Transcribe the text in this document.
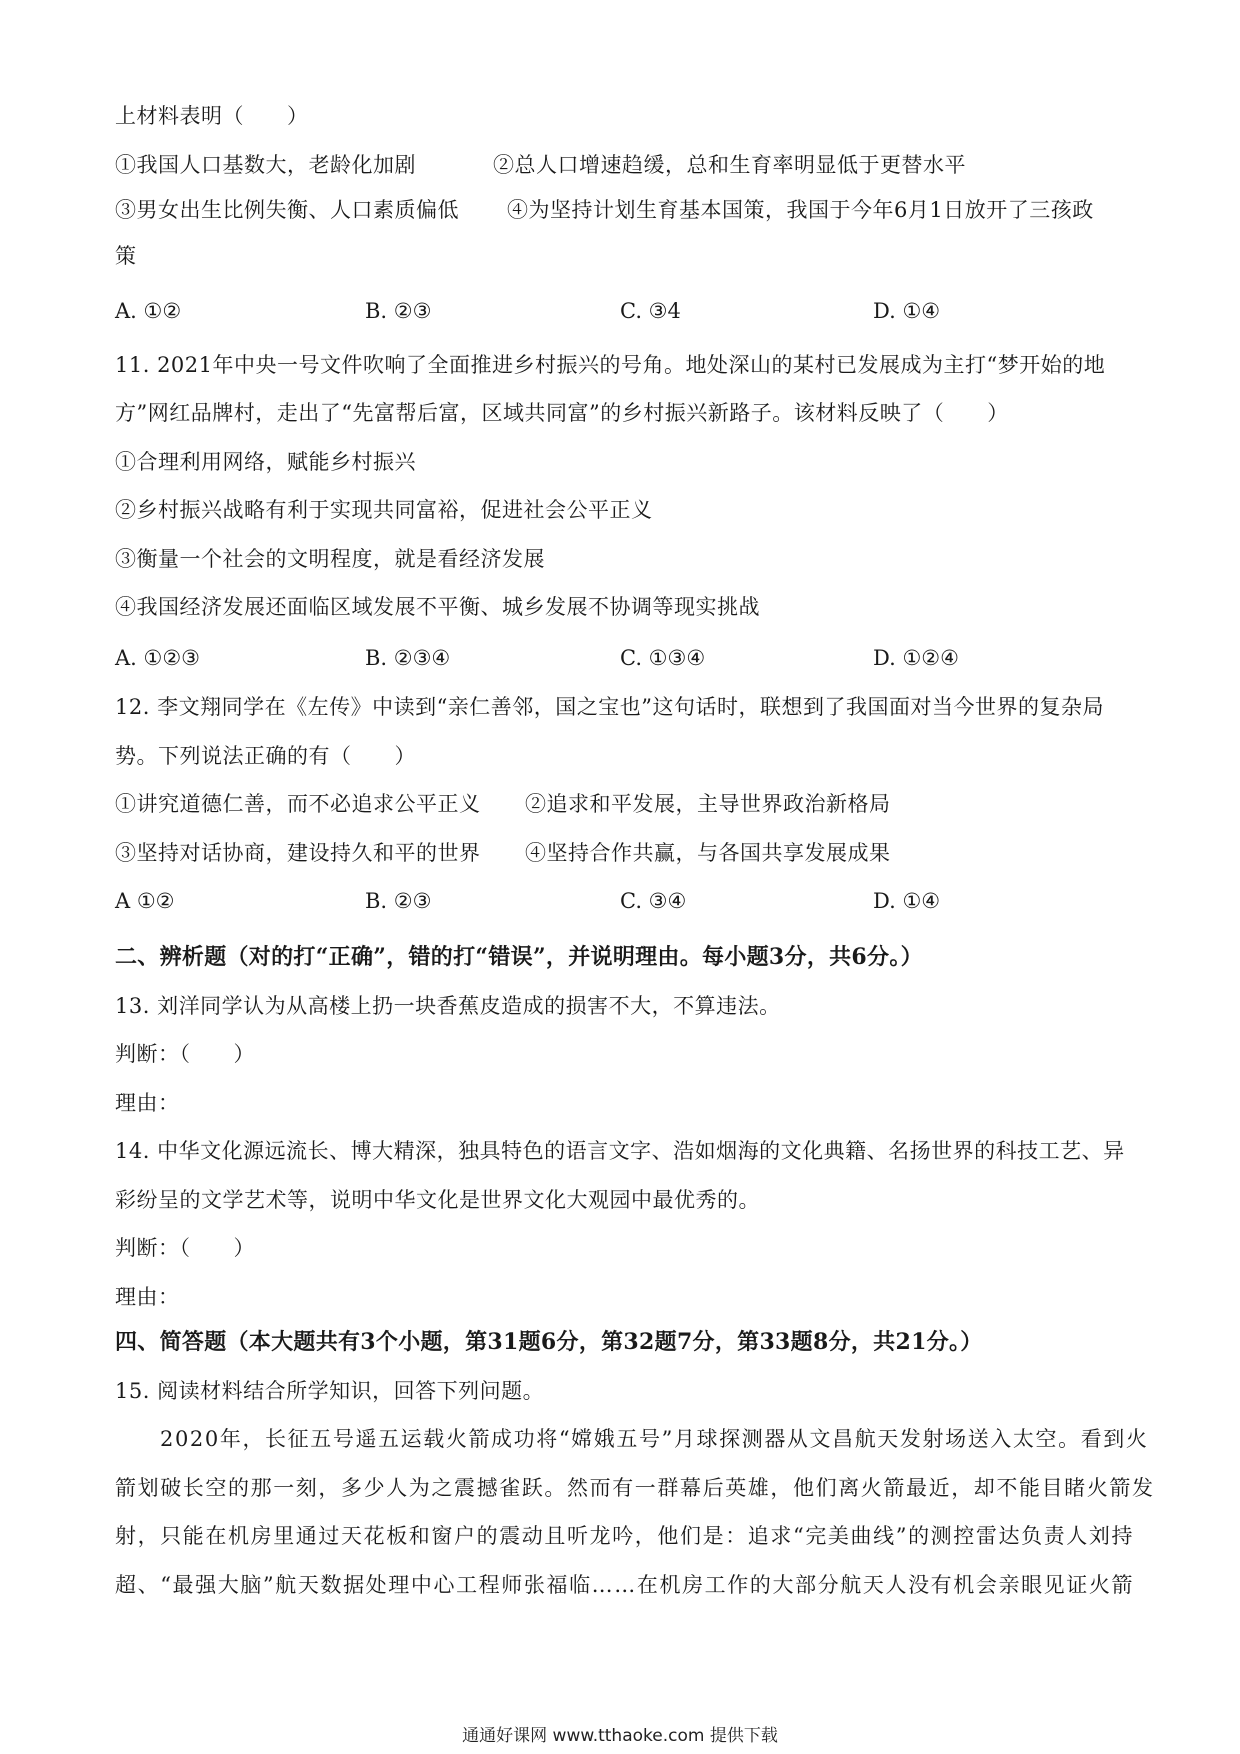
上材料表明（　　）
①我国人口基数大，老龄化加剧	②总人口增速趋缓，总和生育率明显低于更替水平
③男女出生比例失衡、人口素质偏低 ④为坚持计划生育基本国策，我国于今年6月1日放开了三孩政
策
A. ①②	B. ②③	C. ③4	D. ①④
11. 2021年中央一号文件吹响了全面推进乡村振兴的号角。地处深山的某村已发展成为主打“梦开始的地
方”网红品牌村，走出了“先富帮后富，区域共同富”的乡村振兴新路子。该材料反映了（　　）
①合理利用网络，赋能乡村振兴
②乡村振兴战略有利于实现共同富裕，促进社会公平正义
③衡量一个社会的文明程度，就是看经济发展
④我国经济发展还面临区域发展不平衡、城乡发展不协调等现实挑战
A. ①②③	B. ②③④	C. ①③④	D. ①②④
12. 李文翔同学在《左传》中读到“亲仁善邻，国之宝也”这句话时，联想到了我国面对当今世界的复杂局
势。下列说法正确的有（　　）
①讲究道德仁善，而不必追求公平正义 ②追求和平发展，主导世界政治新格局
③坚持对话协商，建设持久和平的世界 ④坚持合作共赢，与各国共享发展成果
A ①②	B. ②③	C. ③④	D. ①④
二、辨析题（对的打“正确”，错的打“错误”，并说明理由。每小题3分，共6分。）
13. 刘洋同学认为从高楼上扔一块香蕉皮造成的损害不大，不算违法。
判断：（　　）
理由：
14. 中华文化源远流长、博大精深，独具特色的语言文字、浩如烟海的文化典籍、名扬世界的科技工艺、异
彩纷呈的文学艺术等，说明中华文化是世界文化大观园中最优秀的。
判断：（　　）
理由：
四、简答题（本大题共有3个小题，第31题6分，第32题7分，第33题8分，共21分。）
15. 阅读材料结合所学知识，回答下列问题。
2020年，长征五号遥五运载火箭成功将“嫦娥五号”月球探测器从文昌航天发射场送入太空。看到火
箭划破长空的那一刻，多少人为之震撼雀跃。然而有一群幕后英雄，他们离火箭最近，却不能目睹火箭发
射，只能在机房里通过天花板和窗户的震动且听龙吟，他们是：追求“完美曲线”的测控雷达负责人刘持
超、“最强大脑”航天数据处理中心工程师张福临……在机房工作的大部分航天人没有机会亲眼见证火箭
通通好课网 www.tthaoke.com 提供下载
